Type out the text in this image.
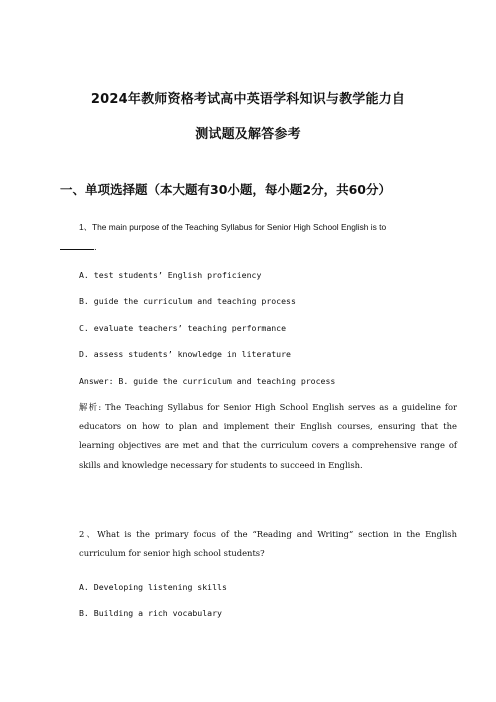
2024年教师资格考试高中英语学科知识与教学能力自
测试题及解答参考
一、单项选择题（本大题有30小题，每小题2分，共60分）
1、The main purpose of the Teaching Syllabus for Senior High School English is to
.
A. test students’ English proficiency
B. guide the curriculum and teaching process
C. evaluate teachers’ teaching performance
D. assess students’ knowledge in literature
Answer: B. guide the curriculum and teaching process
解析: The Teaching Syllabus for Senior High School English serves as a guideline for educators on how to plan and implement their English courses, ensuring that the learning objectives are met and that the curriculum covers a comprehensive range of skills and knowledge necessary for students to succeed in English.
2、What is the primary focus of the “Reading and Writing” section in the English curriculum for senior high school students?
A. Developing listening skills
B. Building a rich vocabulary
